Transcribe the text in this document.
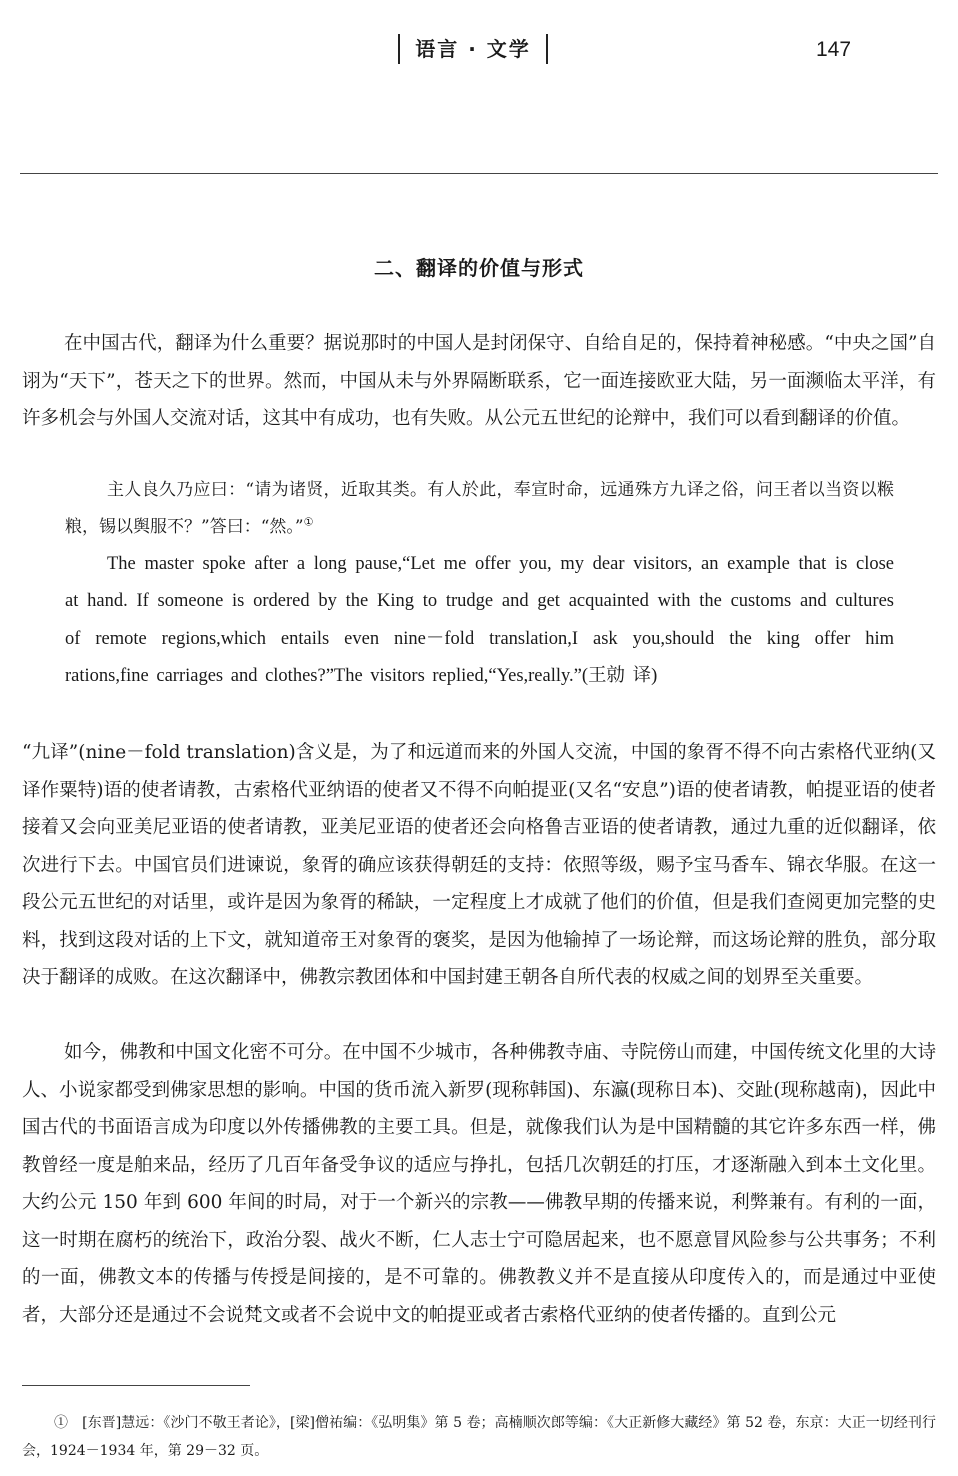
语言 · 文学	147
二、翻译的价值与形式

在中国古代，翻译为什么重要？据说那时的中国人是封闭保守、自给自足的，保持着神秘感。“中央之国”自诩为“天下”，苍天之下的世界。然而，中国从未与外界隔断联系，它一面连接欧亚大陆，另一面濒临太平洋，有许多机会与外国人交流对话，这其中有成功，也有失败。从公元五世纪的论辩中，我们可以看到翻译的价值。

主人良久乃应曰：“请为诸贤，近取其类。有人於此，奉宣时命，远通殊方九译之俗，问王者以当资以糇粮，锡以舆服不？”答曰：“然。”①

The master spoke after a long pause,“Let me offer you, my dear visitors, an example that is close at hand. If someone is ordered by the King to trudge and get acquainted with the customs and cultures of remote regions,which entails even nine－fold translation,I ask you,should the king offer him rations,fine carriages and clothes?”The visitors replied,“Yes,really.”(王勍 译)

“九译”(nine－fold translation)含义是，为了和远道而来的外国人交流，中国的象胥不得不向古索格代亚纳(又译作粟特)语的使者请教，古索格代亚纳语的使者又不得不向帕提亚(又名“安息”)语的使者请教，帕提亚语的使者接着又会向亚美尼亚语的使者请教，亚美尼亚语的使者还会向格鲁吉亚语的使者请教，通过九重的近似翻译，依次进行下去。中国官员们进谏说，象胥的确应该获得朝廷的支持：依照等级，赐予宝马香车、锦衣华服。在这一段公元五世纪的对话里，或许是因为象胥的稀缺，一定程度上才成就了他们的价值，但是我们查阅更加完整的史料，找到这段对话的上下文，就知道帝王对象胥的褒奖，是因为他输掉了一场论辩，而这场论辩的胜负，部分取决于翻译的成败。在这次翻译中，佛教宗教团体和中国封建王朝各自所代表的权威之间的划界至关重要。

如今，佛教和中国文化密不可分。在中国不少城市，各种佛教寺庙、寺院傍山而建，中国传统文化里的大诗人、小说家都受到佛家思想的影响。中国的货币流入新罗(现称韩国)、东瀛(现称日本)、交趾(现称越南)，因此中国古代的书面语言成为印度以外传播佛教的主要工具。但是，就像我们认为是中国精髓的其它许多东西一样，佛教曾经一度是舶来品，经历了几百年备受争议的适应与挣扎，包括几次朝廷的打压，才逐渐融入到本土文化里。大约公元 150 年到 600 年间的时局，对于一个新兴的宗教——佛教早期的传播来说，利弊兼有。有利的一面，这一时期在腐朽的统治下，政治分裂、战火不断，仁人志士宁可隐居起来，也不愿意冒风险参与公共事务；不利的一面，佛教文本的传播与传授是间接的，是不可靠的。佛教教义并不是直接从印度传入的，而是通过中亚使者，大部分还是通过不会说梵文或者不会说中文的帕提亚或者古索格代亚纳的使者传播的。直到公元

①　[东晋]慧远：《沙门不敬王者论》，[梁]僧祐编：《弘明集》第 5 卷；高楠顺次郎等编：《大正新修大藏经》第 52 卷，东京：大正一切经刊行会，1924－1934 年，第 29－32 页。
